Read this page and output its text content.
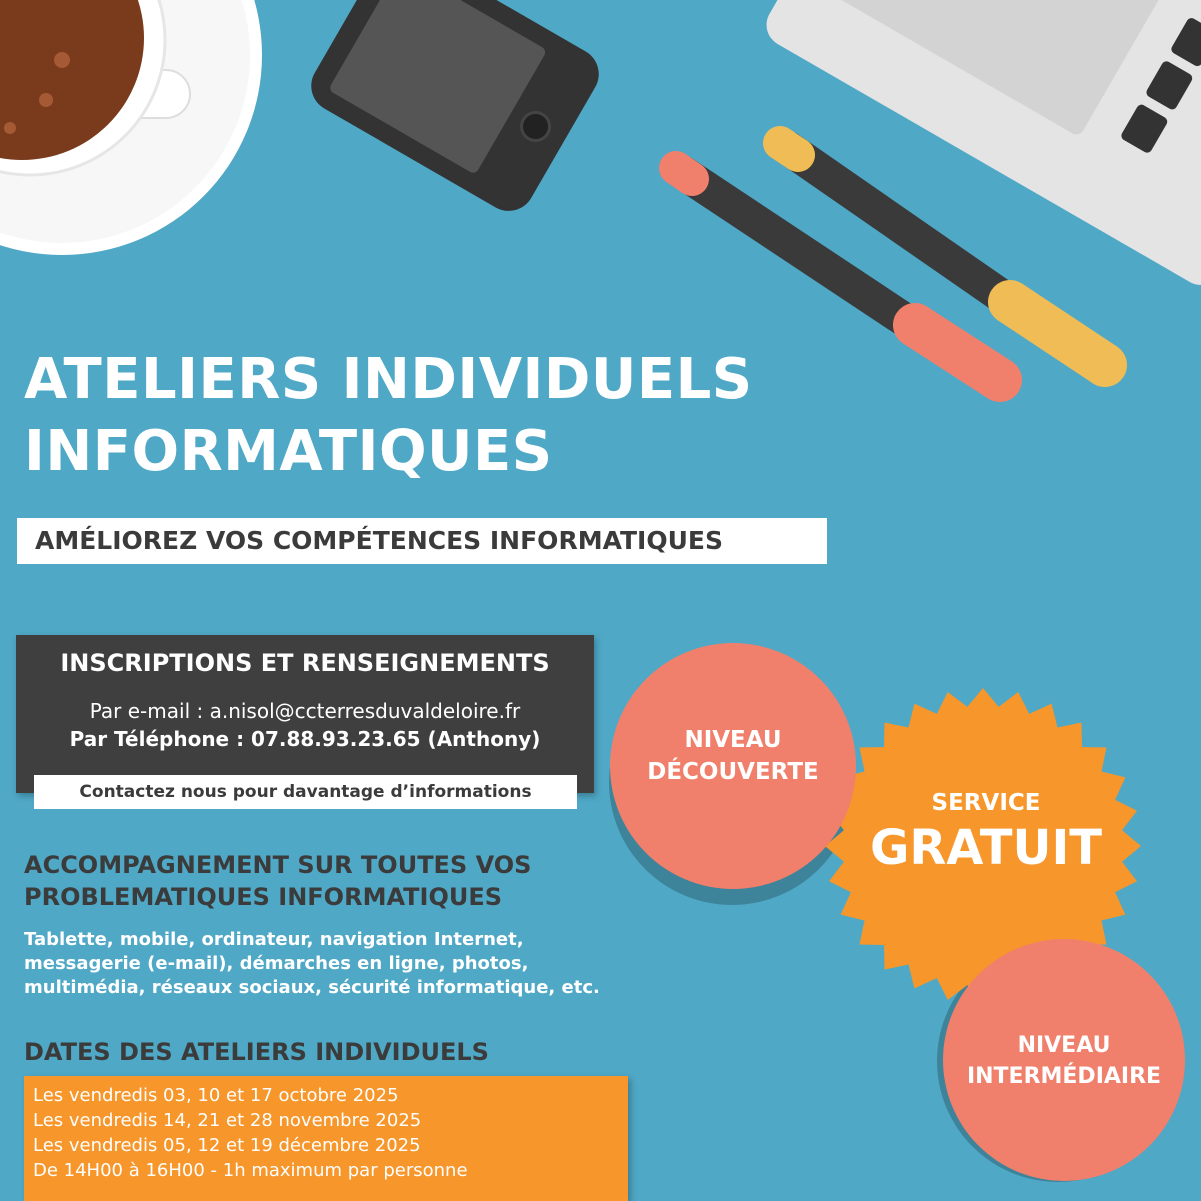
ATELIERS INDIVIDUELS
INFORMATIQUES
AMÉLIOREZ VOS COMPÉTENCES INFORMATIQUES
INSCRIPTIONS ET RENSEIGNEMENTS
Par e-mail : a.nisol@ccterresduvaldeloire.fr
Par Téléphone : 07.88.93.23.65 (Anthony)
Contactez nous pour davantage d’informations
ACCOMPAGNEMENT SUR TOUTES VOS
PROBLEMATIQUES INFORMATIQUES

Tablette, mobile, ordinateur, navigation Internet,
messagerie (e-mail), démarches en ligne, photos,
multimédia, réseaux sociaux, sécurité informatique, etc.

DATES DES ATELIERS INDIVIDUELS
Les vendredis 03, 10 et 17 octobre 2025
Les vendredis 14, 21 et 28 novembre 2025
Les vendredis 05, 12 et 19 décembre 2025
De 14H00 à 16H00 - 1h maximum par personne
NIVEAU
DÉCOUVERTE
SERVICE
GRATUIT
NIVEAU
INTERMÉDIAIRE
